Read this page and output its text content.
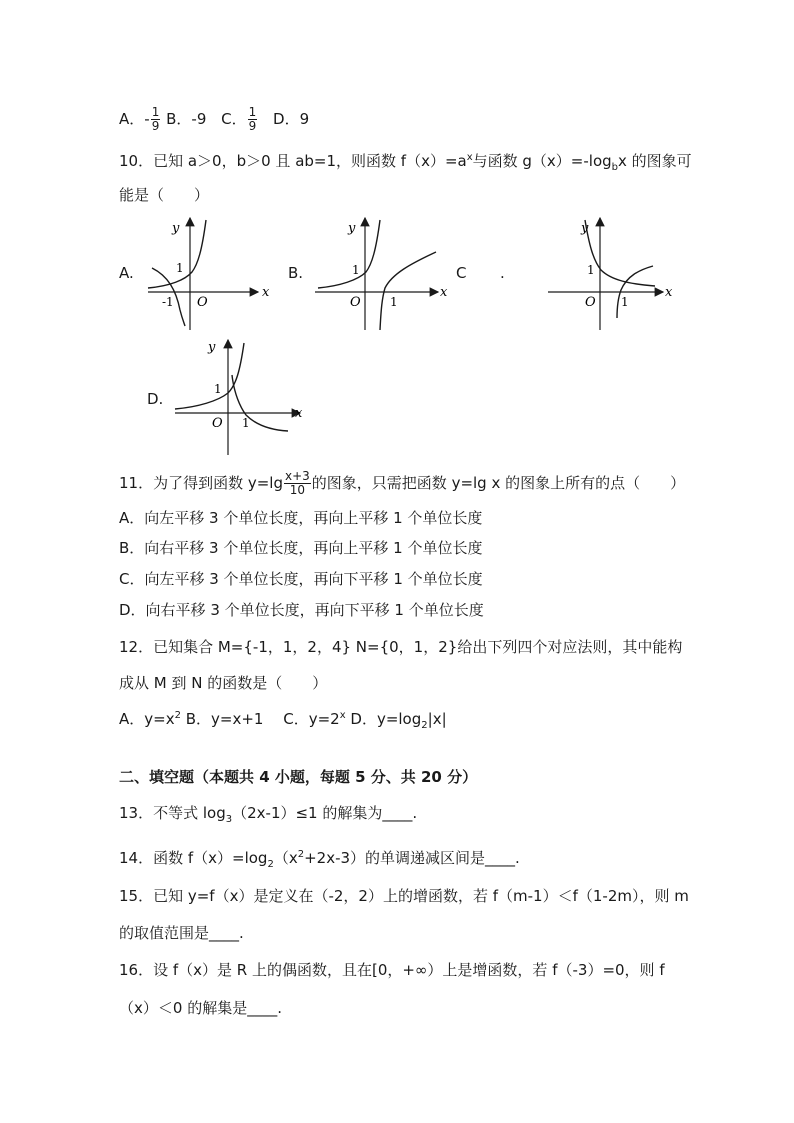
A．- $\frac{1}{9}$ B．-9 C． $\frac{1}{9}$ D．9
10．已知 a＞0，b＞0 且 ab=1，则函数 $f(x)=a^x$与函数 $g(x)=-\log_bx$ 的图象可
能是（　　）
A.
y
x
O
1
-1
B.
y
x
O
1
1
C .
y
x
O
1
1
D.
y
x
O
1
1
11．为了得到函数 $y=\lg \frac{x+3}{10}$ 的图象，只需把函数 y=lg x 的图象上所有的点（　　）
A．向左平移 3 个单位长度，再向上平移 1 个单位长度
B．向右平移 3 个单位长度，再向上平移 1 个单位长度
C．向左平移 3 个单位长度，再向下平移 1 个单位长度
D．向右平移 3 个单位长度，再向下平移 1 个单位长度
12．已知集合 M={-1，1，2，4} N={0，1，2}给出下列四个对应法则，其中能构
成从 M 到 N 的函数是（　　）
A．$y=x^2$ B．y=x+1　 C．$y=2^x$ D．$y=\log_2|x|$
二、填空题（本题共 4 小题，每题 5 分、共 20 分）
13．不等式 $\log_3(2x-1)\le 1$ 的解集为____.
14．函数 $f(x)=\log_2(x^2+2x-3)$的单调递减区间是____.
15．已知 y=f（x）是定义在（-2，2）上的增函数，若 f（m-1）＜f（1-2m），则 m
的取值范围是____.
16．设 f（x）是 R 上的偶函数，且在[0，+∞）上是增函数，若 f（-3）=0，则 f
（x）＜0 的解集是____.
